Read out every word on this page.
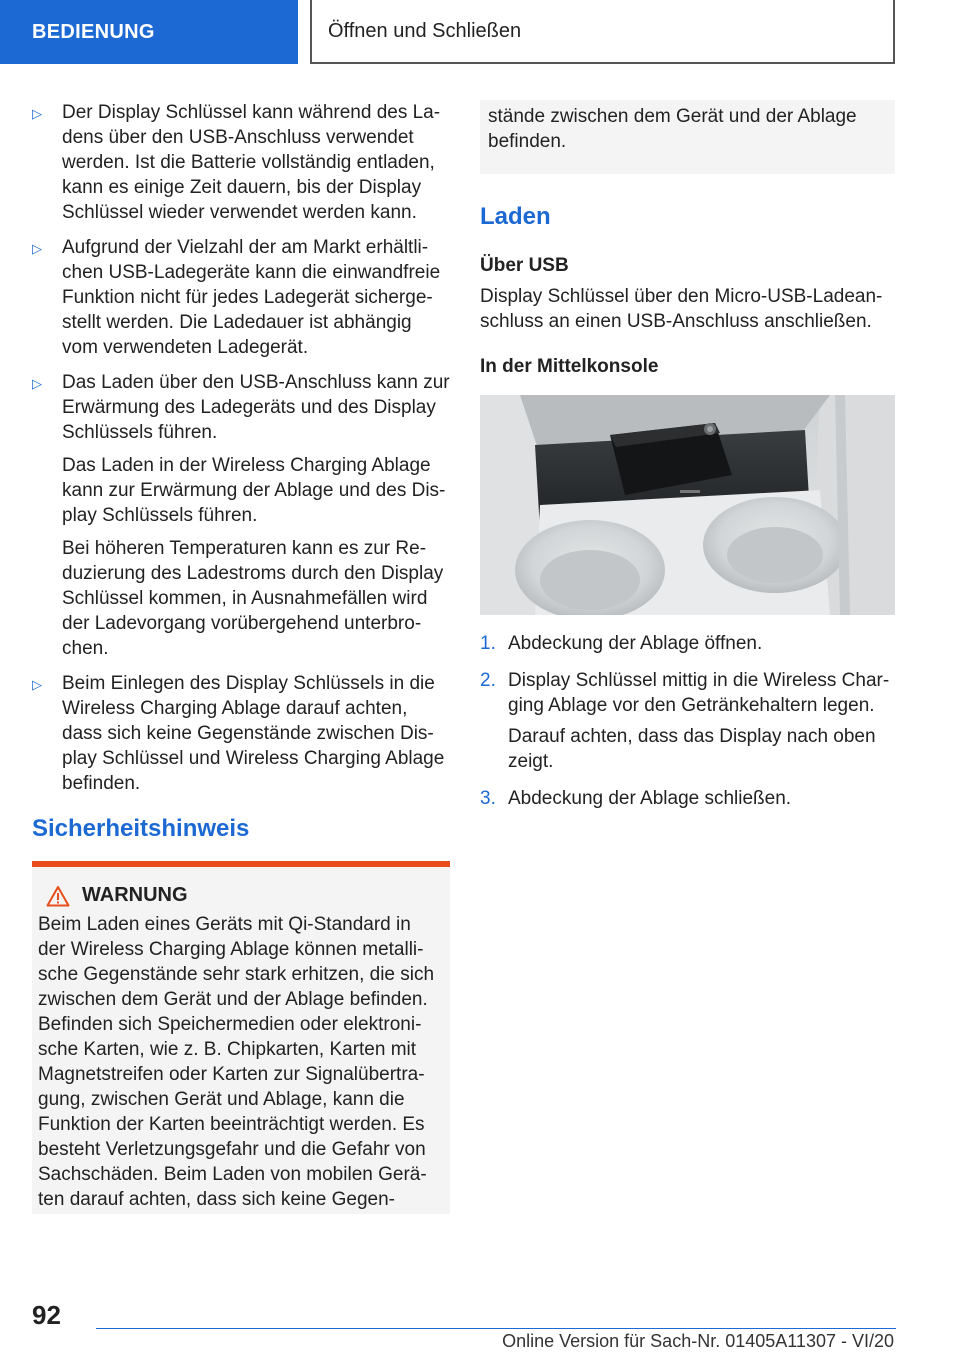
BEDIENUNG	Öffnen und Schließen
▷	Der Display Schlüssel kann während des Ladens über den USB-Anschluss verwendet werden. Ist die Batterie vollständig entladen, kann es einige Zeit dauern, bis der Display Schlüssel wieder verwendet werden kann.

▷	Aufgrund der Vielzahl der am Markt erhältlichen USB-Ladegeräte kann die einwandfreie Funktion nicht für jedes Ladegerät sichergestellt werden. Die Ladedauer ist abhängig vom verwendeten Ladegerät.

▷	Das Laden über den USB-Anschluss kann zur Erwärmung des Ladegeräts und des Display Schlüssels führen.

Das Laden in der Wireless Charging Ablage kann zur Erwärmung der Ablage und des Display Schlüssels führen.

Bei höheren Temperaturen kann es zur Reduzierung des Ladestroms durch den Display Schlüssel kommen, in Ausnahmefällen wird der Ladevorgang vorübergehend unterbrochen.

▷	Beim Einlegen des Display Schlüssels in die Wireless Charging Ablage darauf achten, dass sich keine Gegenstände zwischen Display Schlüssel und Wireless Charging Ablage befinden.

Sicherheitshinweis
WARNUNG

Beim Laden eines Geräts mit Qi-Standard in der Wireless Charging Ablage können metallische Gegenstände sehr stark erhitzen, die sich zwischen dem Gerät und der Ablage befinden. Befinden sich Speichermedien oder elektronische Karten, wie z. B. Chipkarten, Karten mit Magnetstreifen oder Karten zur Signalübertragung, zwischen Gerät und Ablage, kann die Funktion der Karten beeinträchtigt werden. Es besteht Verletzungsgefahr und die Gefahr von Sachschäden. Beim Laden von mobilen Geräten darauf achten, dass sich keine Gegen-

stände zwischen dem Gerät und der Ablage befinden.
Laden
Über USB

Display Schlüssel über den Micro-USB-Ladeanschluss an einen USB-Anschluss anschließen.

In der Mittelkonsole
1. Abdeckung der Ablage öffnen.

2. Display Schlüssel mittig in die Wireless Charging Ablage vor den Getränkehaltern legen.

Darauf achten, dass das Display nach oben zeigt.

3. Abdeckung der Ablage schließen.

92
Online Version für Sach-Nr. 01405A11307 - VI/20
